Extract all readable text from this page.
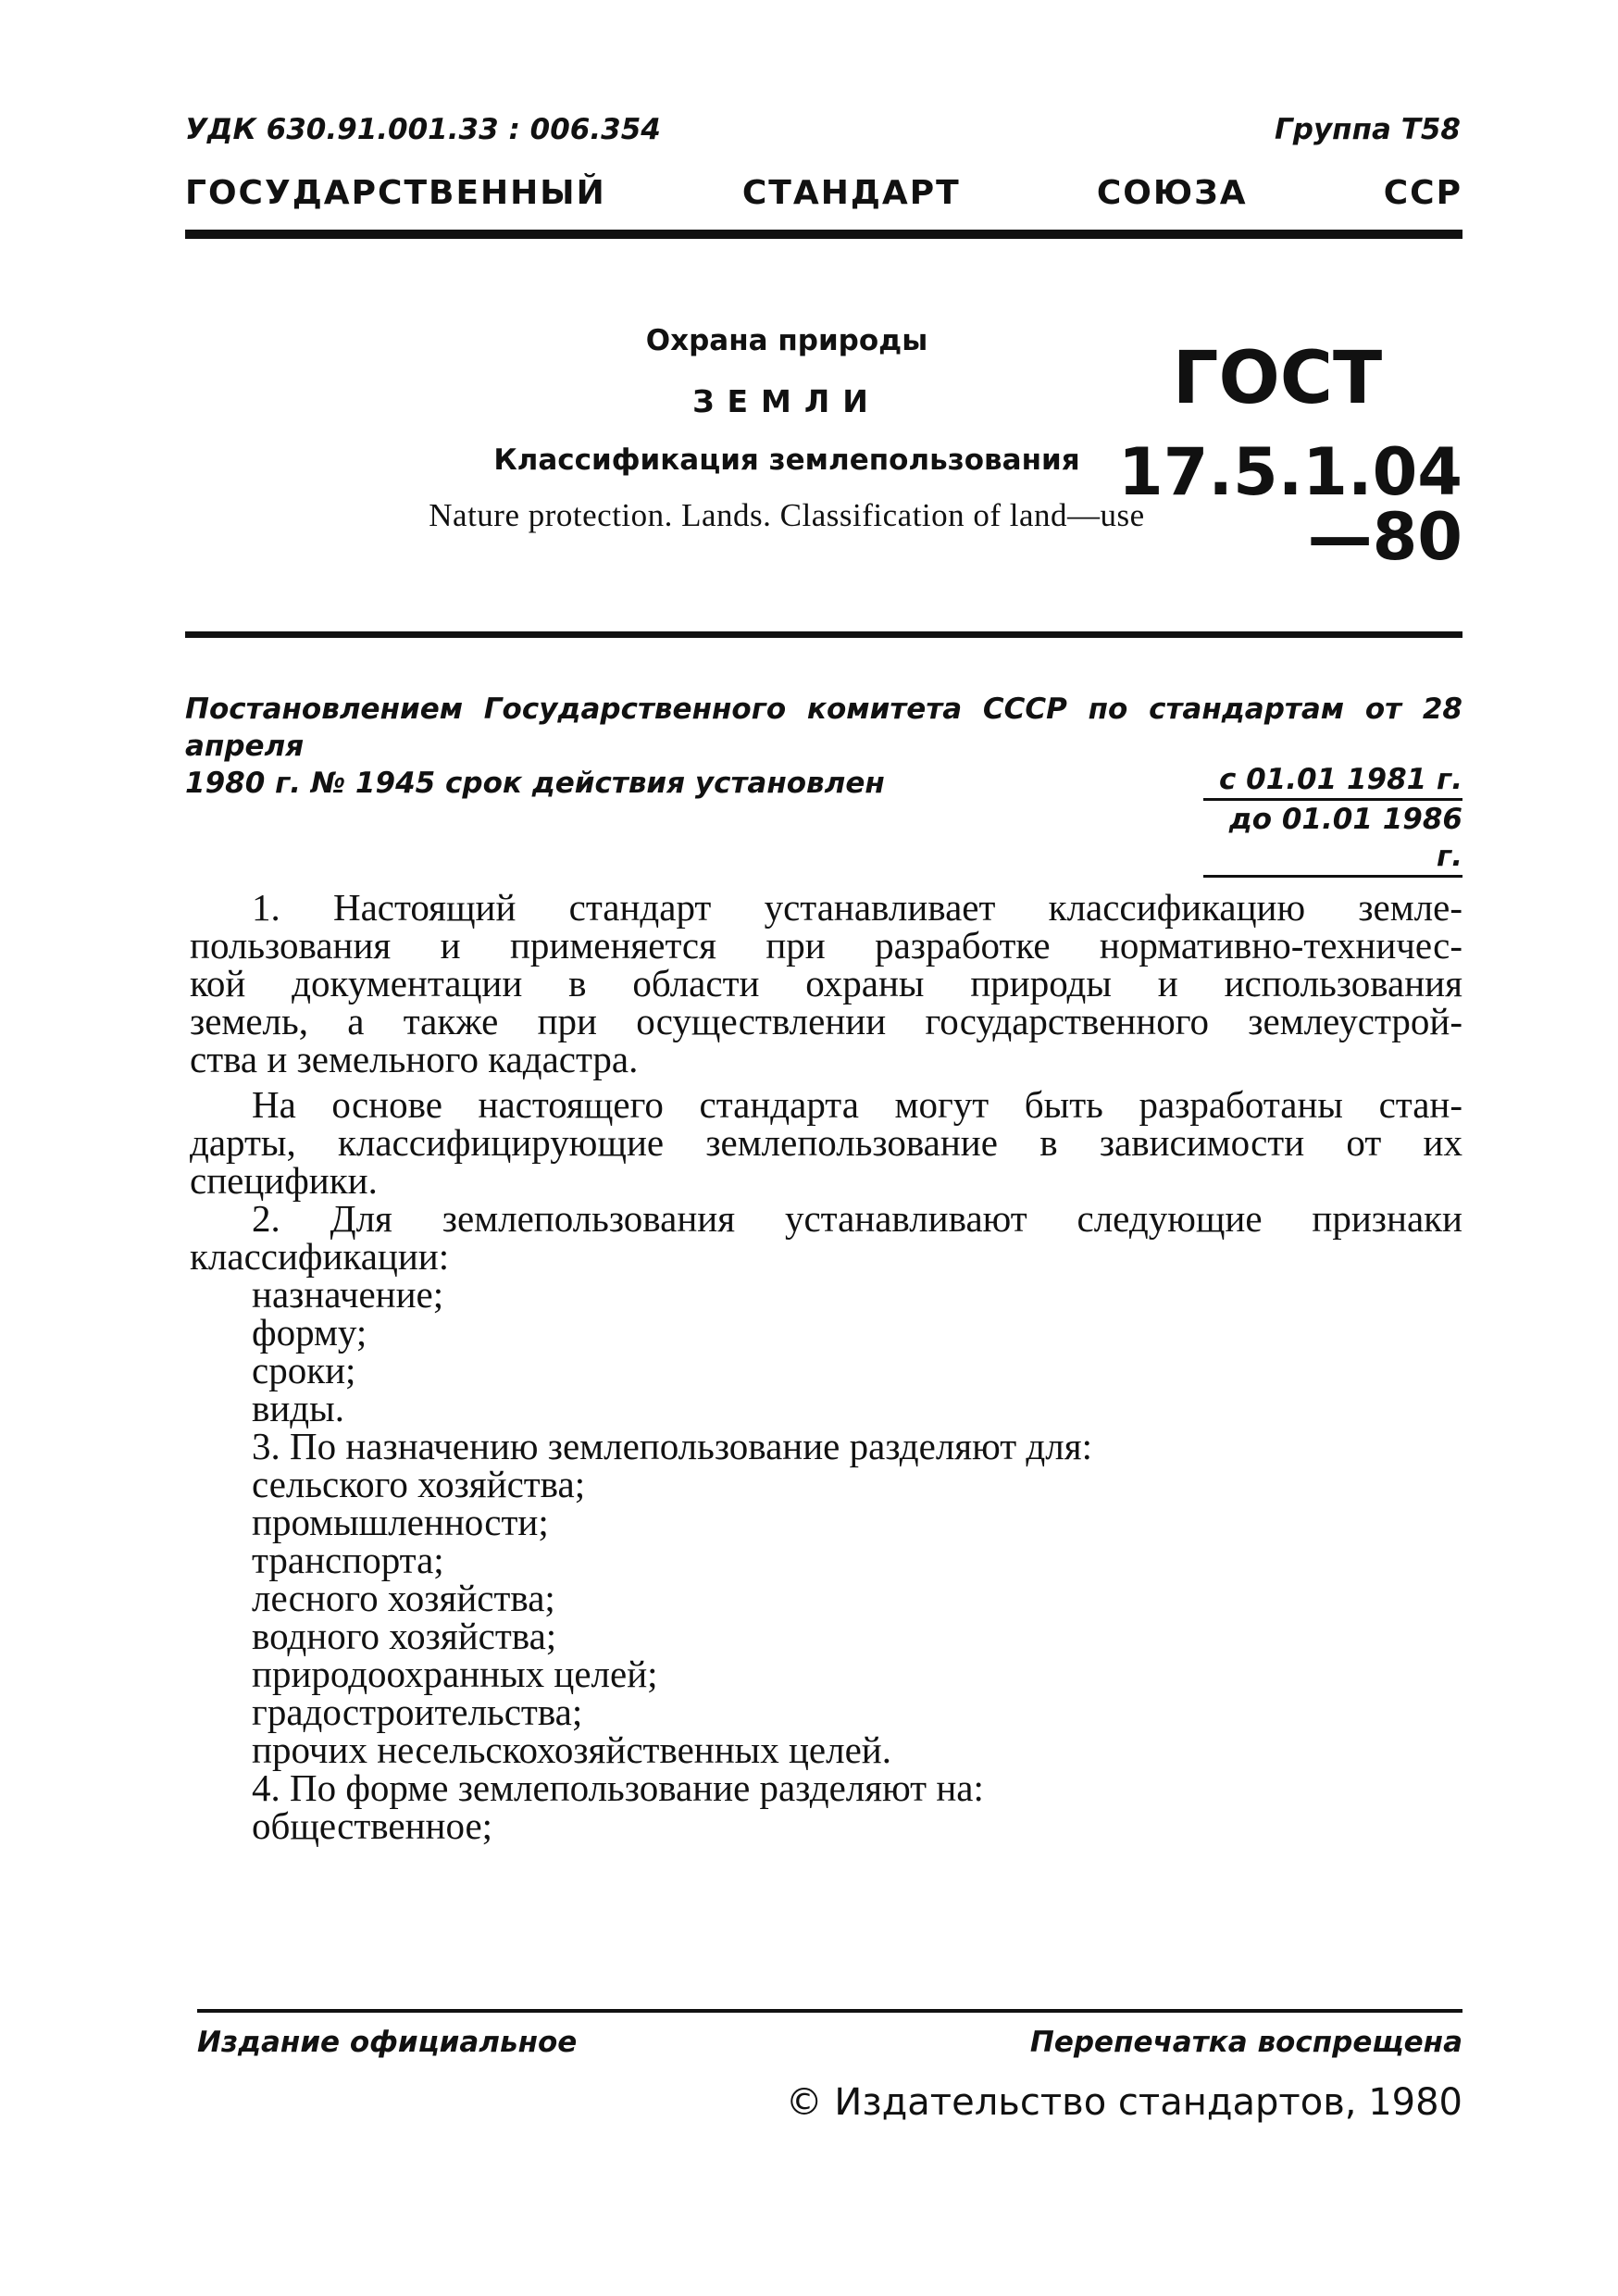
УДК 630.91.001.33 : 006.354	Группа Т58
ГОСУДАРСТВЕННЫЙ СТАНДАРТ СОЮЗА ССР
Охрана природы
ЗЕМЛИ
Классификация землепользования
Nature protection. Lands. Classification of land—use
ГОСТ
17.5.1.04—80
Постановлением Государственного комитета СССР по стандартам от 28 апреля
1980 г. № 1945 срок действия установлен	с 01.01 1981 г.
до 01.01 1986 г.
1. Настоящий стандарт устанавливает классификацию земле-
пользования и применяется при разработке нормативно-техничес-
кой документации в области охраны природы и использования
земель, а также при осуществлении государственного землеустрой-
ства и земельного кадастра.
На основе настоящего стандарта могут быть разработаны стан-
дарты, классифицирующие землепользование в зависимости от их
специфики.
2. Для землепользования устанавливают следующие признаки
классификации:
назначение;
форму;
сроки;
виды.
3. По назначению землепользование разделяют для:
сельского хозяйства;
промышленности;
транспорта;
лесного хозяйства;
водного хозяйства;
природоохранных целей;
градостроительства;
прочих несельскохозяйственных целей.
4. По форме землепользование разделяют на:
общественное;
Издание официальное	Перепечатка воспрещена
© Издательство стандартов, 1980
